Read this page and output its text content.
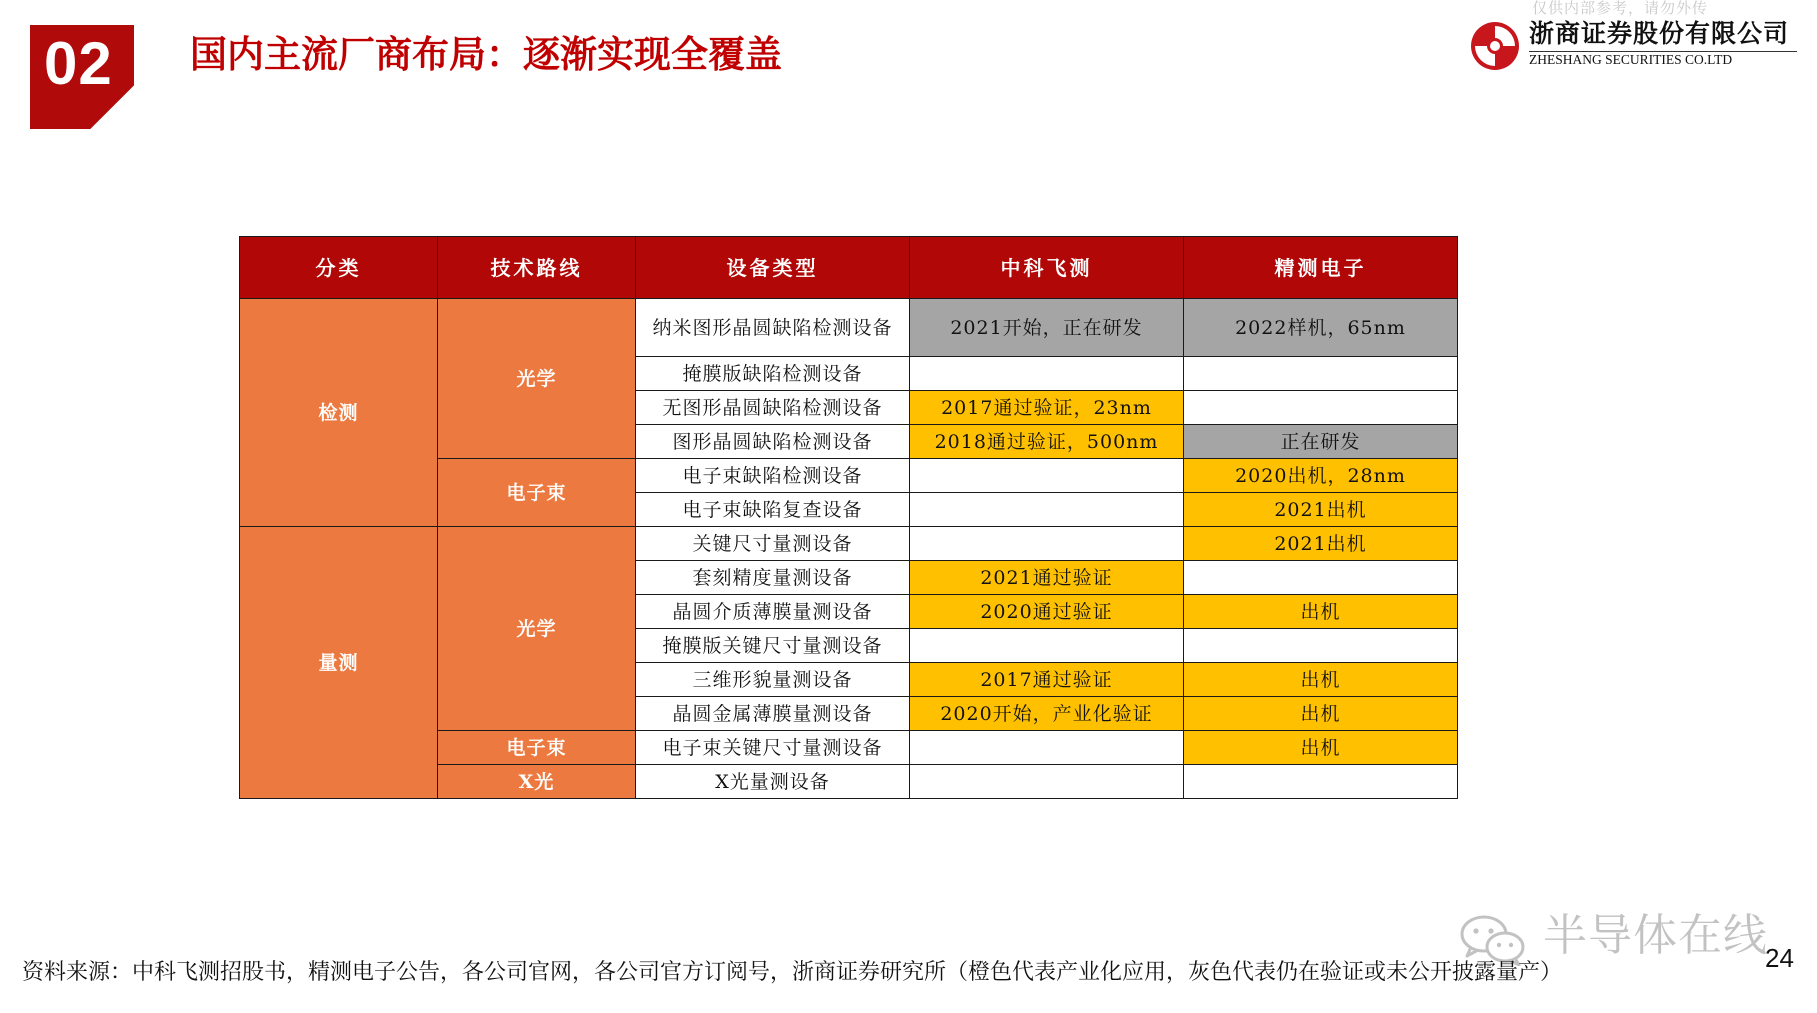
02 国内主流厂商布局：逐渐实现全覆盖
仅供内部参考，请勿外传
浙商证券股份有限公司
ZHESHANG SECURITIES CO.LTD
分类	技术路线	设备类型	中科飞测	精测电子
检测	光学	纳米图形晶圆缺陷检测设备	2021开始，正在研发	2022样机，65nm
		掩膜版缺陷检测设备		
		无图形晶圆缺陷检测设备	2017通过验证，23nm	
		图形晶圆缺陷检测设备	2018通过验证，500nm	正在研发
	电子束	电子束缺陷检测设备		2020出机，28nm
		电子束缺陷复查设备		2021出机
量测	光学	关键尺寸量测设备		2021出机
		套刻精度量测设备	2021通过验证	
		晶圆介质薄膜量测设备	2020通过验证	出机
		掩膜版关键尺寸量测设备		
		三维形貌量测设备	2017通过验证	出机
		晶圆金属薄膜量测设备	2020开始，产业化验证	出机
	电子束	电子束关键尺寸量测设备		出机
	X光	X光量测设备		
半导体在线
24
资料来源：中科飞测招股书，精测电子公告，各公司官网，各公司官方订阅号，浙商证券研究所（橙色代表产业化应用，灰色代表仍在验证或未公开披露量产）
